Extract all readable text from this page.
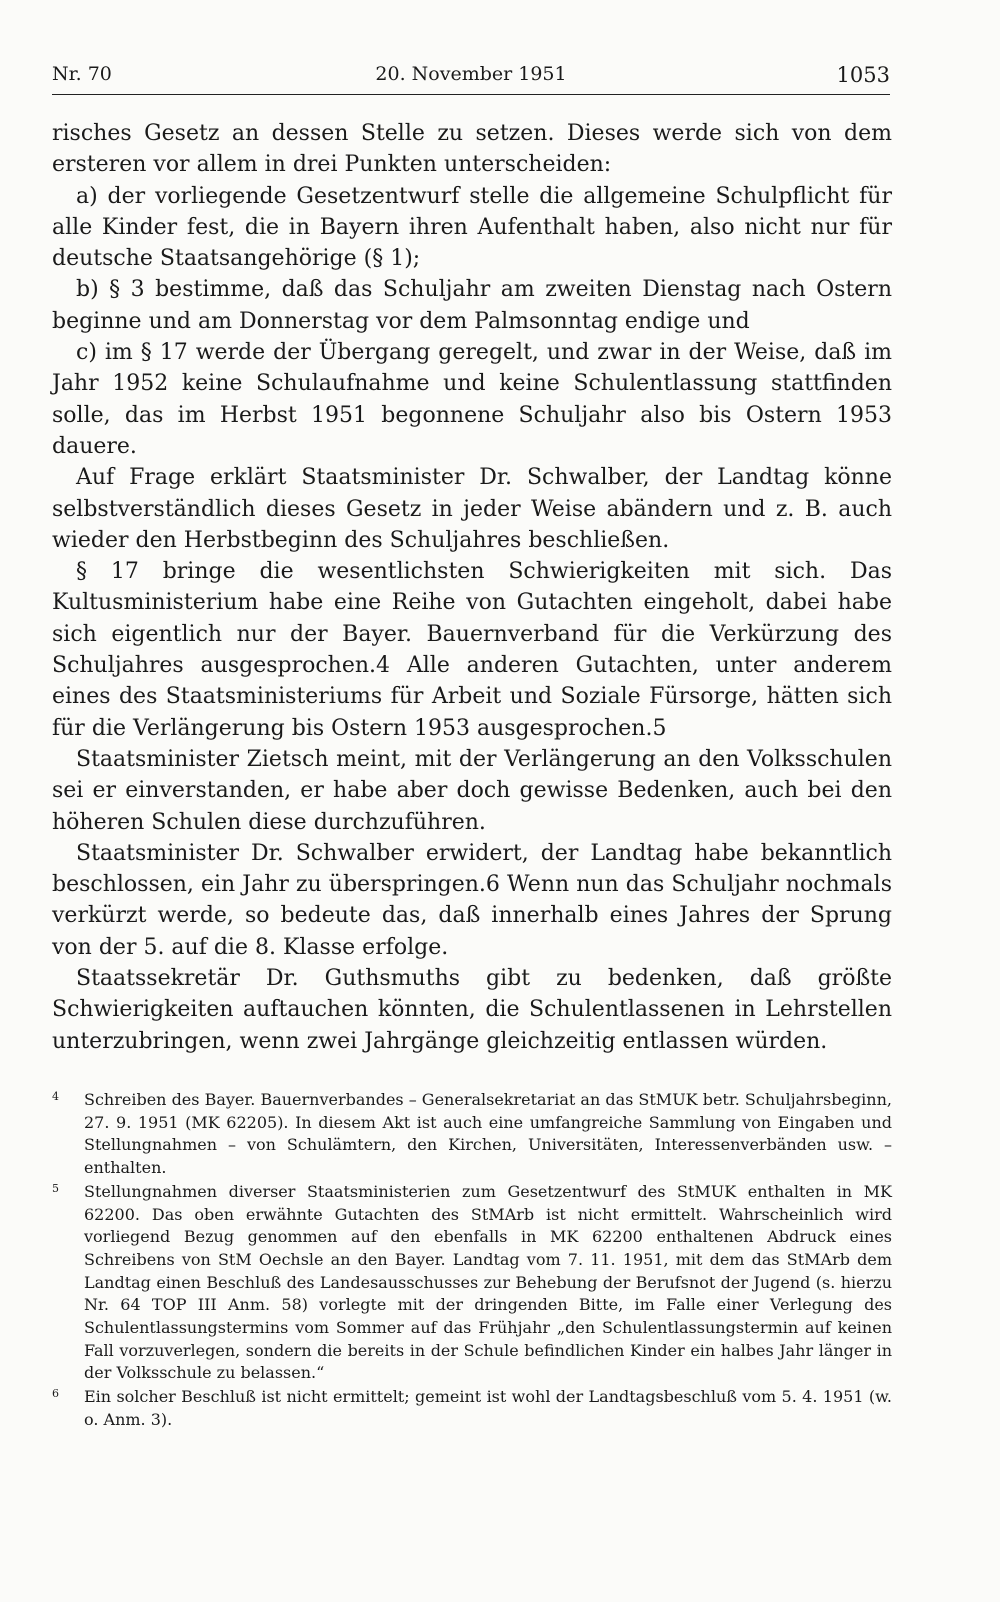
Nr. 70	20. November 1951	1053

risches Gesetz an dessen Stelle zu setzen. Dieses werde sich von dem ersteren vor allem in drei Punkten unterscheiden:

a) der vorliegende Gesetzentwurf stelle die allgemeine Schulpflicht für alle Kinder fest, die in Bayern ihren Aufenthalt haben, also nicht nur für deutsche Staatsangehörige (§ 1);

b) § 3 bestimme, daß das Schuljahr am zweiten Dienstag nach Ostern beginne und am Donnerstag vor dem Palmsonntag endige und

c) im § 17 werde der Übergang geregelt, und zwar in der Weise, daß im Jahr 1952 keine Schulaufnahme und keine Schulentlassung stattfinden solle, das im Herbst 1951 begonnene Schuljahr also bis Ostern 1953 dauere.

Auf Frage erklärt Staatsminister Dr. Schwalber, der Landtag könne selbstverständlich dieses Gesetz in jeder Weise abändern und z. B. auch wieder den Herbstbeginn des Schuljahres beschließen.

§ 17 bringe die wesentlichsten Schwierigkeiten mit sich. Das Kultusministerium habe eine Reihe von Gutachten eingeholt, dabei habe sich eigentlich nur der Bayer. Bauernverband für die Verkürzung des Schuljahres ausgesprochen.4 Alle anderen Gutachten, unter anderem eines des Staatsministeriums für Arbeit und Soziale Fürsorge, hätten sich für die Verlängerung bis Ostern 1953 ausgesprochen.5

Staatsminister Zietsch meint, mit der Verlängerung an den Volksschulen sei er einverstanden, er habe aber doch gewisse Bedenken, auch bei den höheren Schulen diese durchzuführen.

Staatsminister Dr. Schwalber erwidert, der Landtag habe bekanntlich beschlossen, ein Jahr zu überspringen.6 Wenn nun das Schuljahr nochmals verkürzt werde, so bedeute das, daß innerhalb eines Jahres der Sprung von der 5. auf die 8. Klasse erfolge.

Staatssekretär Dr. Guthsmuths gibt zu bedenken, daß größte Schwierigkeiten auftauchen könnten, die Schulentlassenen in Lehrstellen unterzubringen, wenn zwei Jahrgänge gleichzeitig entlassen würden.

4 Schreiben des Bayer. Bauernverbandes – Generalsekretariat an das StMUK betr. Schuljahrsbeginn, 27. 9. 1951 (MK 62205). In diesem Akt ist auch eine umfangreiche Sammlung von Eingaben und Stellungnahmen – von Schulämtern, den Kirchen, Universitäten, Interessenverbänden usw. – enthalten.
5 Stellungnahmen diverser Staatsministerien zum Gesetzentwurf des StMUK enthalten in MK 62200. Das oben erwähnte Gutachten des StMArb ist nicht ermittelt. Wahrscheinlich wird vorliegend Bezug genommen auf den ebenfalls in MK 62200 enthaltenen Abdruck eines Schreibens von StM Oechsle an den Bayer. Landtag vom 7. 11. 1951, mit dem das StMArb dem Landtag einen Beschluß des Landesausschusses zur Behebung der Berufsnot der Jugend (s. hierzu Nr. 64 TOP III Anm. 58) vorlegte mit der dringenden Bitte, im Falle einer Verlegung des Schulentlassungstermins vom Sommer auf das Frühjahr „den Schulentlassungstermin auf keinen Fall vorzuverlegen, sondern die bereits in der Schule befindlichen Kinder ein halbes Jahr länger in der Volksschule zu belassen.“
6 Ein solcher Beschluß ist nicht ermittelt; gemeint ist wohl der Landtagsbeschluß vom 5. 4. 1951 (w. o. Anm. 3).
